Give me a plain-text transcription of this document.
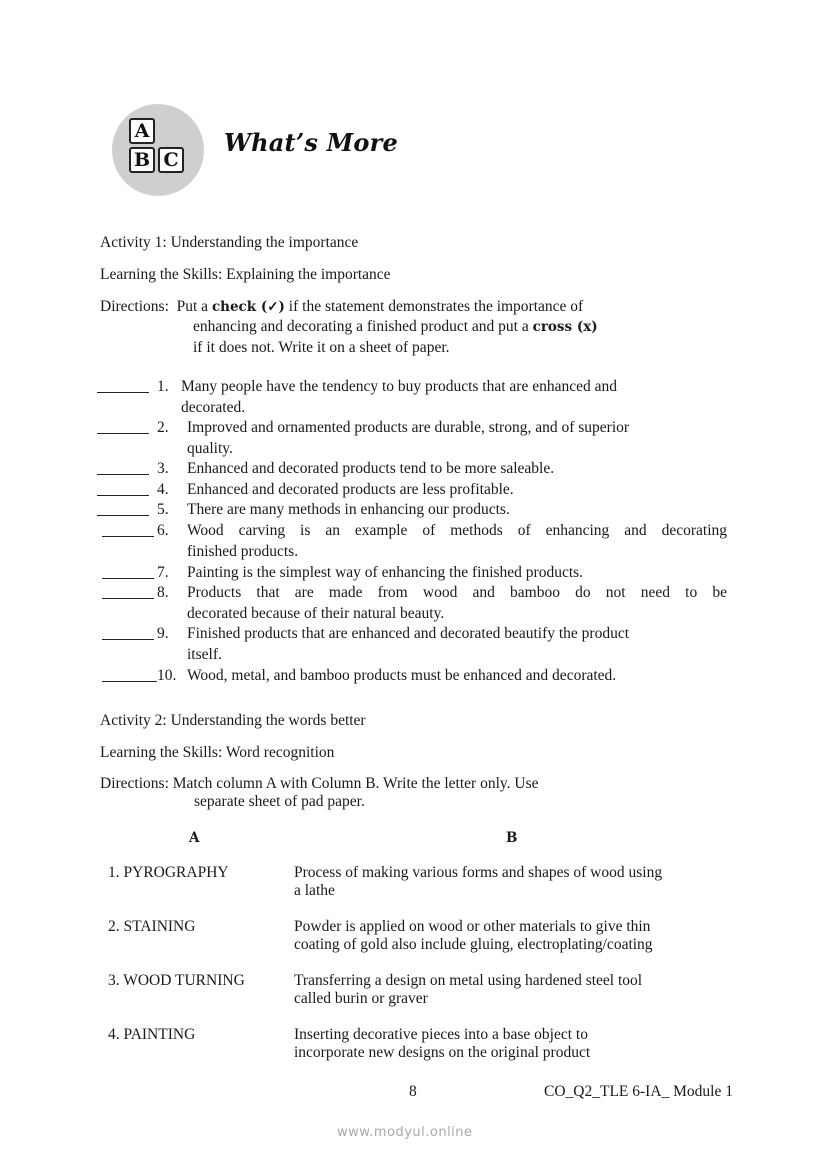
A
B C
What’s More
Activity 1: Understanding the importance
Learning the Skills: Explaining the importance
Directions: Put a check (✓) if the statement demonstrates the importance of
enhancing and decorating a finished product and put a cross (x)
if it does not. Write it on a sheet of paper.
1. Many people have the tendency to buy products that are enhanced and
decorated.
2. Improved and ornamented products are durable, strong, and of superior
quality.
3. Enhanced and decorated products tend to be more saleable.
4. Enhanced and decorated products are less profitable.
5. There are many methods in enhancing our products.
6. Wood carving is an example of methods of enhancing and decorating
finished products.
7. Painting is the simplest way of enhancing the finished products.
8. Products that are made from wood and bamboo do not need to be
decorated because of their natural beauty.
9. Finished products that are enhanced and decorated beautify the product
itself.
10. Wood, metal, and bamboo products must be enhanced and decorated.
Activity 2: Understanding the words better
Learning the Skills: Word recognition
Directions: Match column A with Column B. Write the letter only. Use
separate sheet of pad paper.
A	B
1. PYROGRAPHY	Process of making various forms and shapes of wood using
a lathe
2. STAINING	Powder is applied on wood or other materials to give thin
coating of gold also include gluing, electroplating/coating
3. WOOD TURNING	Transferring a design on metal using hardened steel tool
called burin or graver
4. PAINTING	Inserting decorative pieces into a base object to
incorporate new designs on the original product
8	CO_Q2_TLE 6-IA_ Module 1
www.modyul.online
